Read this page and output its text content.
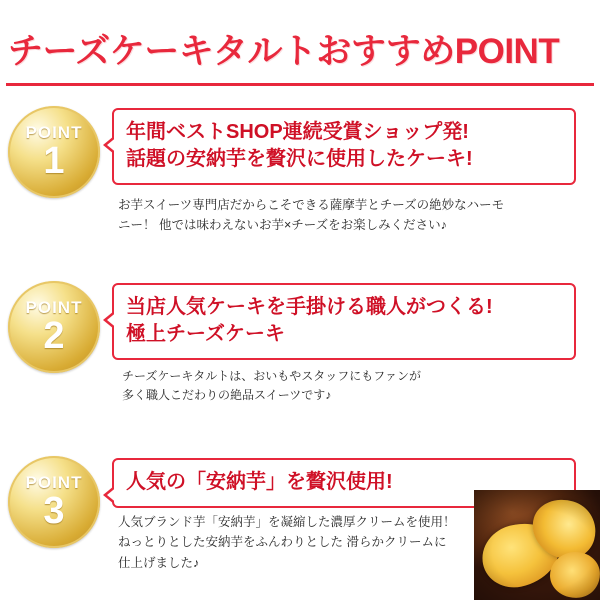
チーズケーキタルトおすすめPOINT
POINT
1
年間ベストSHOP連続受賞ショップ発!
話題の安納芋を贅沢に使用したケーキ!
お芋スイーツ専門店だからこそできる薩摩芋とチーズの絶妙なハーモ
ニー！ 他では味わえないお芋×チーズをお楽しみください♪
POINT
2
当店人気ケーキを手掛ける職人がつくる!
極上チーズケーキ
チーズケーキタルトは、おいもやスタッフにもファンが
多く職人こだわりの絶品スイーツです♪
POINT
3
人気の「安納芋」を贅沢使用!
人気ブランド芋「安納芋」を凝縮した濃厚クリームを使用！
ねっとりとした安納芋をふんわりとした 滑らかクリームに
仕上げました♪
